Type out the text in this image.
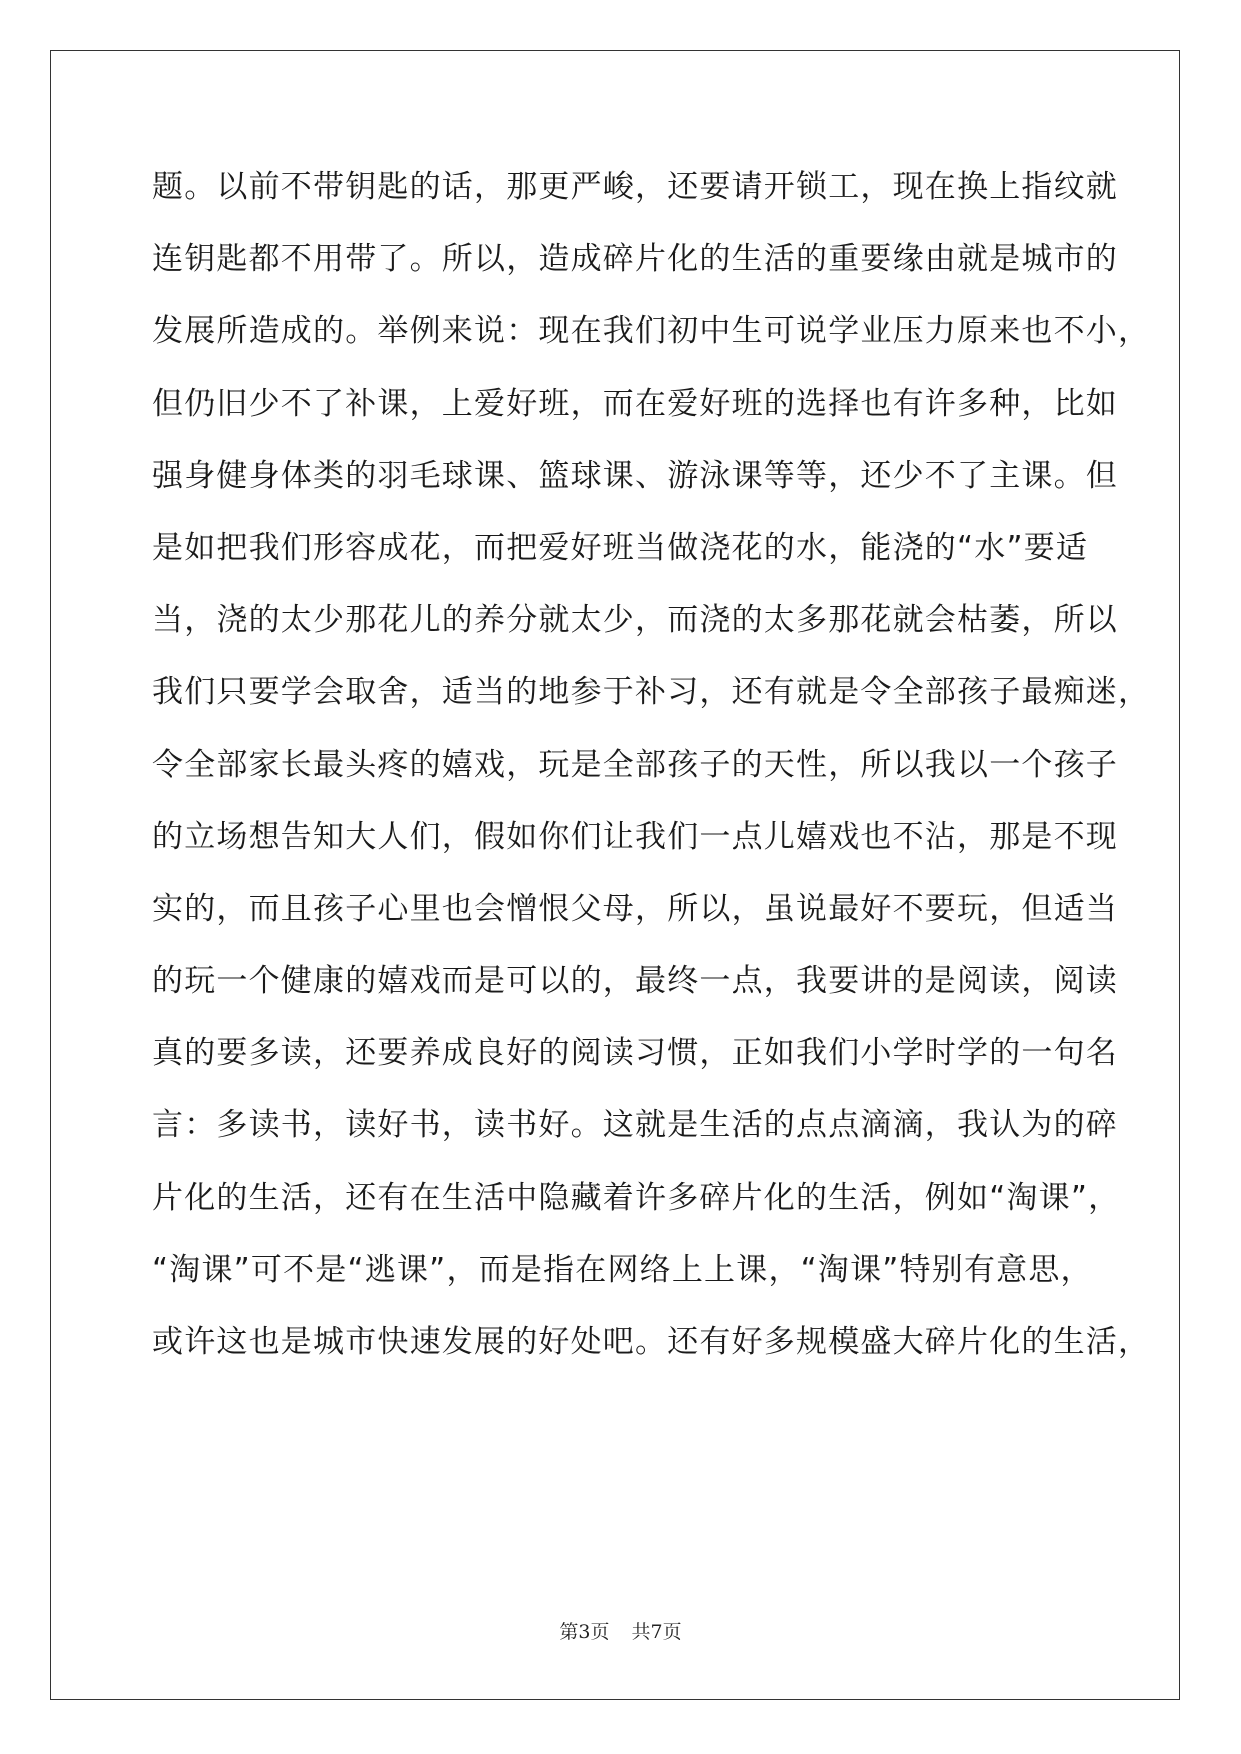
题。以前不带钥匙的话，那更严峻，还要请开锁工，现在换上指纹就
连钥匙都不用带了。所以，造成碎片化的生活的重要缘由就是城市的
发展所造成的。举例来说：现在我们初中生可说学业压力原来也不小，
但仍旧少不了补课，上爱好班，而在爱好班的选择也有许多种，比如
强身健身体类的羽毛球课、篮球课、游泳课等等，还少不了主课。但
是如把我们形容成花，而把爱好班当做浇花的水，能浇的“水”要适
当，浇的太少那花儿的养分就太少，而浇的太多那花就会枯萎，所以
我们只要学会取舍，适当的地参于补习，还有就是令全部孩子最痴迷，
令全部家长最头疼的嬉戏，玩是全部孩子的天性，所以我以一个孩子
的立场想告知大人们，假如你们让我们一点儿嬉戏也不沾，那是不现
实的，而且孩子心里也会憎恨父母，所以，虽说最好不要玩，但适当
的玩一个健康的嬉戏而是可以的，最终一点，我要讲的是阅读，阅读
真的要多读，还要养成良好的阅读习惯，正如我们小学时学的一句名
言：多读书，读好书，读书好。这就是生活的点点滴滴，我认为的碎
片化的生活，还有在生活中隐藏着许多碎片化的生活，例如“淘课”，
“淘课”可不是“逃课”，而是指在网络上上课，“淘课”特别有意思，
或许这也是城市快速发展的好处吧。还有好多规模盛大碎片化的生活，
第3页 共7页
